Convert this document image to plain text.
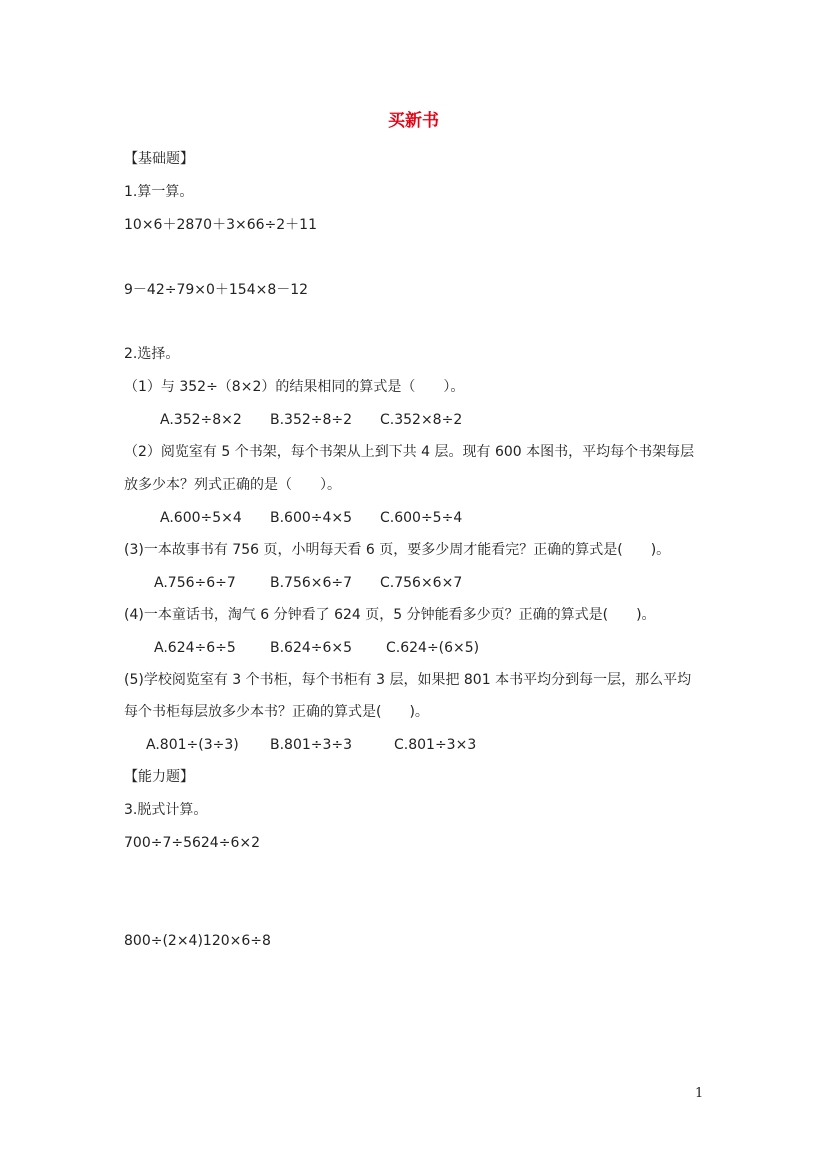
买新书
【基础题】
1.算一算。
10×6＋2870＋3×66÷2＋11
9－42÷79×0＋154×8－12
2.选择。
（1）与 352÷（8×2）的结果相同的算式是（　　）。
A.352÷8×2 B.352÷8÷2 C.352×8÷2
（2）阅览室有 5 个书架，每个书架从上到下共 4 层。现有 600 本图书，平均每个书架每层
放多少本？列式正确的是（　　）。
A.600÷5×4 B.600÷4×5 C.600÷5÷4
(3)一本故事书有 756 页，小明每天看 6 页，要多少周才能看完？正确的算式是(　　)。
A.756÷6÷7 B.756×6÷7 C.756×6×7
(4)一本童话书，淘气 6 分钟看了 624 页，5 分钟能看多少页？正确的算式是(　　)。
A.624÷6÷5 B.624÷6×5 C.624÷(6×5)
(5)学校阅览室有 3 个书柜，每个书柜有 3 层，如果把 801 本书平均分到每一层，那么平均
每个书柜每层放多少本书？正确的算式是(　　)。
A.801÷(3÷3) B.801÷3÷3	C.801÷3×3
【能力题】
3.脱式计算。
700÷7÷5624÷6×2
800÷(2×4)120×6÷8
1
